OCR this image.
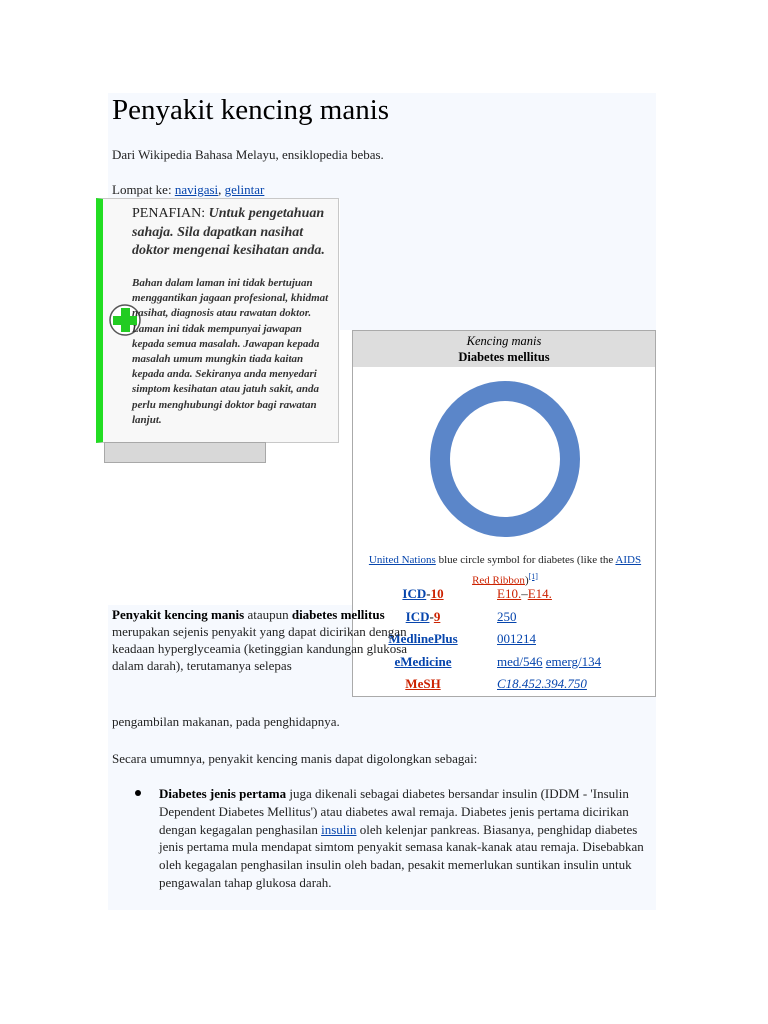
Penyakit kencing manis
Dari Wikipedia Bahasa Melayu, ensiklopedia bebas.
Lompat ke: navigasi, gelintar
PENAFIAN: Untuk pengetahuan sahaja. Sila dapatkan nasihat doktor mengenai kesihatan anda.
Bahan dalam laman ini tidak bertujuan menggantikan jagaan profesional, khidmat nasihat, diagnosis atau rawatan doktor. Laman ini tidak mempunyai jawapan kepada semua masalah. Jawapan kepada masalah umum mungkin tiada kaitan kepada anda. Sekiranya anda menyedari simptom kesihatan atau jatuh sakit, anda perlu menghubungi doktor bagi rawatan lanjut.
Kencing manis
Diabetes mellitus
United Nations blue circle symbol for diabetes (like the AIDS Red Ribbon)[1]
ICD-10	E10.–E14.
ICD-9	250
MedlinePlus	001214
eMedicine	med/546 emerg/134
MeSH	C18.452.394.750
Penyakit kencing manis ataupun diabetes mellitus merupakan sejenis penyakit yang dapat dicirikan dengan keadaan hyperglyceamia (ketinggian kandungan glukosa dalam darah), terutamanya selepas
pengambilan makanan, pada penghidapnya.
Secara umumnya, penyakit kencing manis dapat digolongkan sebagai:
Diabetes jenis pertama juga dikenali sebagai diabetes bersandar insulin (IDDM - 'Insulin Dependent Diabetes Mellitus') atau diabetes awal remaja. Diabetes jenis pertama dicirikan dengan kegagalan penghasilan insulin oleh kelenjar pankreas. Biasanya, penghidap diabetes jenis pertama mula mendapat simtom penyakit semasa kanak-kanak atau remaja. Disebabkan oleh kegagalan penghasilan insulin oleh badan, pesakit memerlukan suntikan insulin untuk pengawalan tahap glukosa darah.
